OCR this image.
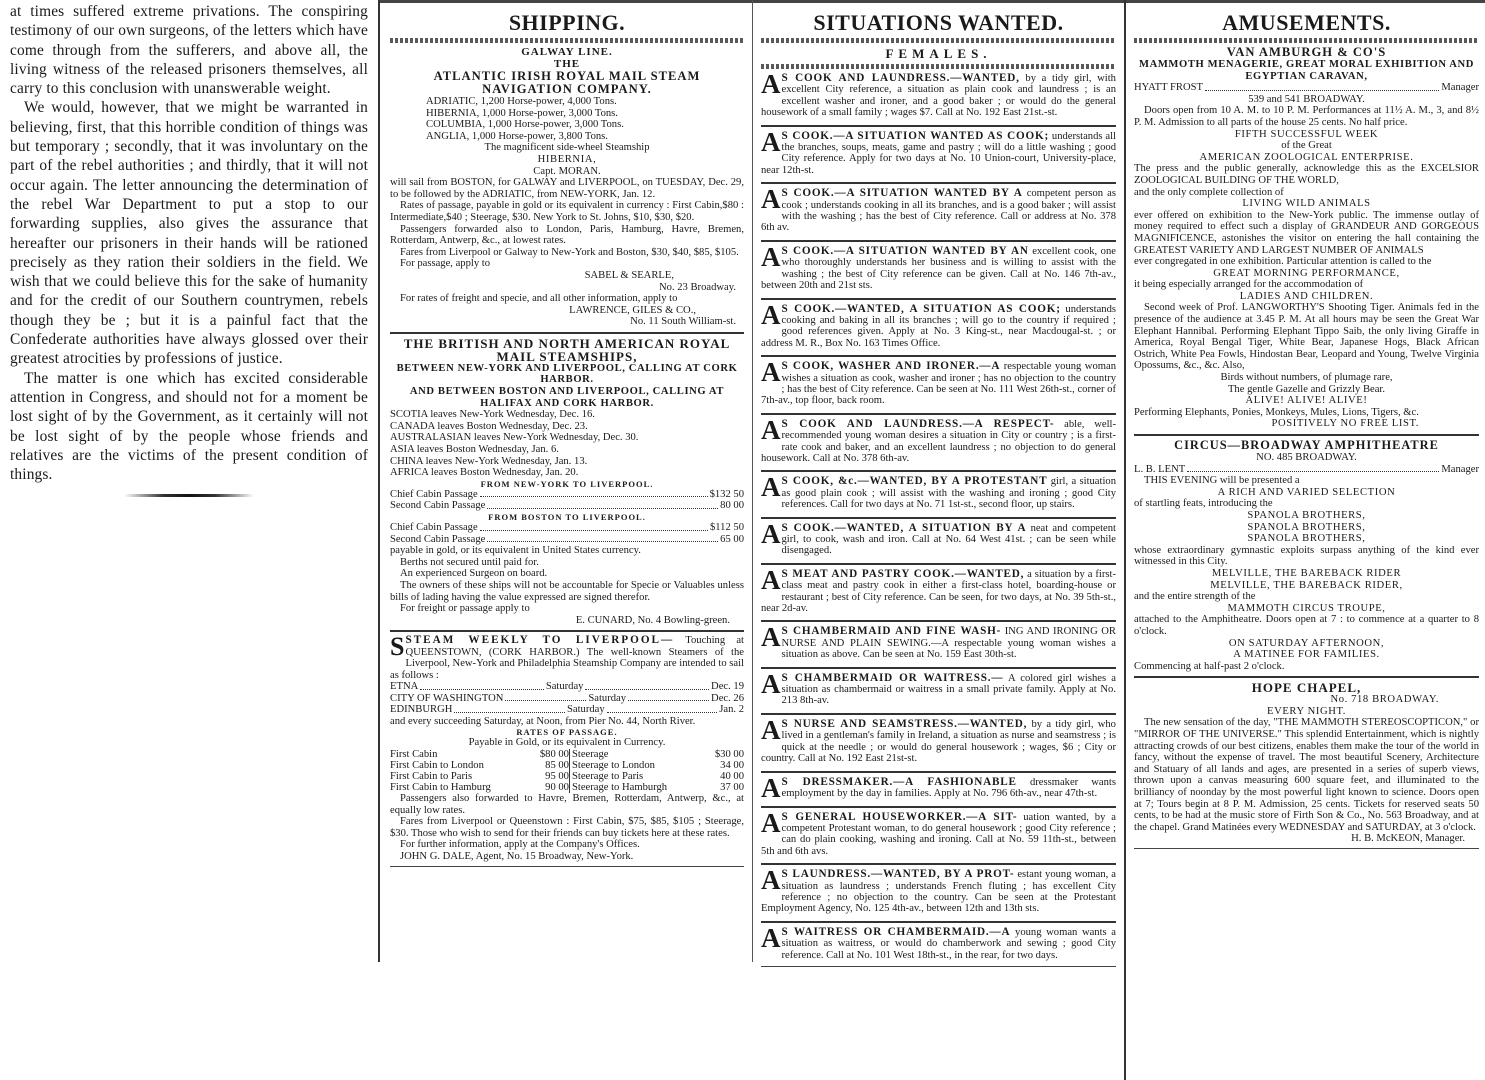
at times suffered extreme privations. The conspiring testimony of our own surgeons, of the letters which have come through from the sufferers, and above all, the living witness of the released prisoners themselves, all carry to this conclusion with unanswerable weight.

We would, however, that we might be warranted in believing, first, that this horrible condition of things was but temporary ; secondly, that it was involuntary on the part of the rebel authorities ; and thirdly, that it will not occur again. The letter announcing the determination of the rebel War Department to put a stop to our forwarding supplies, also gives the assurance that hereafter our prisoners in their hands will be rationed precisely as they ration their soldiers in the field. We wish that we could believe this for the sake of humanity and for the credit of our Southern countrymen, rebels though they be ; but it is a painful fact that the Confederate authorities have always glossed over their greatest atrocities by professions of justice.

The matter is one which has excited considerable attention in Congress, and should not for a moment be lost sight of by the Government, as it certainly will not be lost sight of by the people whose friends and relatives are the victims of the present condition of things.

SHIPPING.

GALWAY LINE.

THE

ATLANTIC IRISH ROYAL MAIL STEAM NAVIGATION COMPANY.

ADRIATIC, 1,200 Horse-power, 4,000 Tons.
HIBERNIA, 1,000 Horse-power, 3,000 Tons.
COLUMBIA, 1,000 Horse-power, 3,000 Tons.
ANGLIA, 1,000 Horse-power, 3,800 Tons.

The magnificent side-wheel Steamship

HIBERNIA,

Capt. MORAN.

will sail from BOSTON, for GALWAY and LIVERPOOL, on TUESDAY, Dec. 29, to be followed by the ADRIATIC, from NEW-YORK, Jan. 12.

Rates of passage, payable in gold or its equivalent in currency : First Cabin,$80 : Intermediate,$40 ; Steerage, $30. New York to St. Johns, $10, $30, $20.

Passengers forwarded also to London, Paris, Hamburg, Havre, Bremen, Rotterdam, Antwerp, &c., at lowest rates.

Fares from Liverpool or Galway to New-York and Boston, $30, $40, $85, $105.

For passage, apply to

SABEL & SEARLE,

No. 23 Broadway.

For rates of freight and specie, and all other information, apply to

LAWRENCE, GILES & CO.,

No. 11 South William-st.

THE BRITISH AND NORTH AMERICAN ROYAL MAIL STEAMSHIPS,

BETWEEN NEW-YORK AND LIVERPOOL, CALLING AT CORK HARBOR.

AND BETWEEN BOSTON AND LIVERPOOL, CALLING AT HALIFAX AND CORK HARBOR.

SCOTIA leaves New-York Wednesday, Dec. 16.
CANADA leaves Boston Wednesday, Dec. 23.
AUSTRALASIAN leaves New-York Wednesday, Dec. 30.
ASIA leaves Boston Wednesday, Jan. 6.
CHINA leaves New-York Wednesday, Jan. 13.
AFRICA leaves Boston Wednesday, Jan. 20.

FROM NEW-YORK TO LIVERPOOL.

Chief Cabin Passage	$132 50
Second Cabin Passage	80 00

FROM BOSTON TO LIVERPOOL.

Chief Cabin Passage	$112 50
Second Cabin Passage	65 00

payable in gold, or its equivalent in United States currency.

Berths not secured until paid for.

An experienced Surgeon on board.

The owners of these ships will not be accountable for Specie or Valuables unless bills of lading having the value expressed are signed therefor.

For freight or passage apply to

E. CUNARD, No. 4 Bowling-green.

SSTEAM WEEKLY TO LIVERPOOL— Touching at QUEENSTOWN, (CORK HARBOR.) The well-known Steamers of the Liverpool, New-York and Philadelphia Steamship Company are intended to sail as follows :
ETNA	Saturday	Dec. 19
CITY OF WASHINGTON	Saturday	Dec. 26
EDINBURGH	Saturday	Jan. 2

and every succeeding Saturday, at Noon, from Pier No. 44, North River.

RATES OF PASSAGE.

Payable in Gold, or its equivalent in Currency.

First Cabin	$80 00	Steerage	$30 00
First Cabin to London	85 00	Steerage to London	34 00
First Cabin to Paris	95 00	Steerage to Paris	40 00
First Cabin to Hamburg	90 00	Steerage to Hamburgh	37 00

Passengers also forwarded to Havre, Bremen, Rotterdam, Antwerp, &c., at equally low rates.

Fares from Liverpool or Queenstown : First Cabin, $75, $85, $105 ; Steerage, $30. Those who wish to send for their friends can buy tickets here at these rates.

For further information, apply at the Company's Offices.

JOHN G. DALE, Agent, No. 15 Broadway, New-York.

SITUATIONS WANTED.
FEMALES.
A S COOK AND LAUNDRESS.—WANTED, by a tidy girl, with excellent City reference, a situation as plain cook and laundress ; is an excellent washer and ironer, and a good baker ; or would do the general housework of a small family ; wages $7. Call at No. 192 East 21st.-st.
A S COOK.—A SITUATION WANTED AS COOK; understands all the branches, soups, meats, game and pastry ; will do a little washing ; good City reference. Apply for two days at No. 10 Union-court, University-place, near 12th-st.
A S COOK.—A SITUATION WANTED BY A competent person as cook ; understands cooking in all its branches, and is a good baker ; will assist with the washing ; has the best of City reference. Call or address at No. 378 6th av.
A S COOK.—A SITUATION WANTED BY AN excellent cook, one who thoroughly understands her business and is willing to assist with the washing ; the best of City reference can be given. Call at No. 146 7th-av., between 20th and 21st sts.
A S COOK.—WANTED, A SITUATION AS COOK; understands cooking and baking in all its branches ; will go to the country if required ; good references given. Apply at No. 3 King-st., near Macdougal-st. ; or address M. R., Box No. 163 Times Office.
A S COOK, WASHER AND IRONER.—A respectable young woman wishes a situation as cook, washer and ironer ; has no objection to the country ; has the best of City reference. Can be seen at No. 111 West 26th-st., corner of 7th-av., top floor, back room.
A S COOK AND LAUNDRESS.—A RESPECT- able, well-recommended young woman desires a situation in City or country ; is a first-rate cook and baker, and an excellent laundress ; no objection to do general housework. Call at No. 378 6th-av.
A S COOK, &c.—WANTED, BY A PROTESTANT girl, a situation as good plain cook ; will assist with the washing and ironing ; good City references. Call for two days at No. 71 1st-st., second floor, up stairs.
A S COOK.—WANTED, A SITUATION BY A neat and competent girl, to cook, wash and iron. Call at No. 64 West 41st. ; can be seen while disengaged.
A S MEAT AND PASTRY COOK.—WANTED, a situation by a first-class meat and pastry cook in either a first-class hotel, boarding-house or restaurant ; best of City reference. Can be seen, for two days, at No. 39 5th-st., near 2d-av.
A S CHAMBERMAID AND FINE WASH- ING AND IRONING OR NURSE AND PLAIN SEWING.—A respectable young woman wishes a situation as above. Can be seen at No. 159 East 30th-st.
A S CHAMBERMAID OR WAITRESS.— A colored girl wishes a situation as chambermaid or waitress in a small private family. Apply at No. 213 8th-av.
A S NURSE AND SEAMSTRESS.—WANTED, by a tidy girl, who lived in a gentleman's family in Ireland, a situation as nurse and seamstress ; is quick at the needle ; or would do general housework ; wages, $6 ; City or country. Call at No. 192 East 21st-st.
A S DRESSMAKER.—A FASHIONABLE dressmaker wants employment by the day in families. Apply at No. 796 6th-av., near 47th-st.
A S GENERAL HOUSEWORKER.—A SIT- uation wanted, by a competent Protestant woman, to do general housework ; good City reference ; can do plain cooking, washing and ironing. Call at No. 59 11th-st., between 5th and 6th avs.
A S LAUNDRESS.—WANTED, BY A PROT- estant young woman, a situation as laundress ; understands French fluting ; has excellent City reference ; no objection to the country. Can be seen at the Protestant Employment Agency, No. 125 4th-av., between 12th and 13th sts.
A S WAITRESS OR CHAMBERMAID.—A young woman wants a situation as waitress, or would do chamberwork and sewing ; good City reference. Call at No. 101 West 18th-st., in the rear, for two days.
AMUSEMENTS.

VAN AMBURGH & CO'S

MAMMOTH MENAGERIE, GREAT MORAL EXHIBITION AND EGYPTIAN CARAVAN,

HYATT FROST	Manager

539 and 541 BROADWAY.

Doors open from 10 A. M. to 10 P. M. Performances at 11½ A. M., 3, and 8½ P. M. Admission to all parts of the house 25 cents. No half price.

FIFTH SUCCESSFUL WEEK

of the Great

AMERICAN ZOOLOGICAL ENTERPRISE.

The press and the public generally, acknowledge this as the EXCELSIOR ZOOLOGICAL BUILDING OF THE WORLD,

and the only complete collection of

LIVING WILD ANIMALS

ever offered on exhibition to the New-York public. The immense outlay of money required to effect such a display of GRANDEUR AND GORGEOUS MAGNIFICENCE, astonishes the visitor on entering the hall containing the GREATEST VARIETY AND LARGEST NUMBER OF ANIMALS

ever congregated in one exhibition. Particular attention is called to the

GREAT MORNING PERFORMANCE,

it being especially arranged for the accommodation of

LADIES AND CHILDREN.

Second week of Prof. LANGWORTHY'S Shooting Tiger. Animals fed in the presence of the audience at 3.45 P. M. At all hours may be seen the Great War Elephant Hannibal. Performing Elephant Tippo Saib, the only living Giraffe in America, Royal Bengal Tiger, White Bear, Japanese Hogs, Black African Ostrich, White Pea Fowls, Hindostan Bear, Leopard and Young, Twelve Virginia Opossums, &c., &c. Also,

Birds without numbers, of plumage rare,

The gentle Gazelle and Grizzly Bear.

ALIVE! ALIVE! ALIVE!

Performing Elephants, Ponies, Monkeys, Mules, Lions, Tigers, &c.

POSITIVELY NO FREE LIST.

CIRCUS—BROADWAY AMPHITHEATRE

NO. 485 BROADWAY.

L. B. LENT	Manager

THIS EVENING will be presented a

A RICH AND VARIED SELECTION

of startling feats, introducing the

SPANOLA BROTHERS,

SPANOLA BROTHERS,

SPANOLA BROTHERS,

whose extraordinary gymnastic exploits surpass anything of the kind ever witnessed in this City.

MELVILLE, THE BAREBACK RIDER

MELVILLE, THE BAREBACK RIDER,

and the entire strength of the

MAMMOTH CIRCUS TROUPE,

attached to the Amphitheatre. Doors open at 7 : to commence at a quarter to 8 o'clock.

ON SATURDAY AFTERNOON,

A MATINEE FOR FAMILIES.

Commencing at half-past 2 o'clock.

HOPE CHAPEL,

No. 718 BROADWAY.

EVERY NIGHT.

The new sensation of the day, "THE MAMMOTH STEREOSCOPTICON," or "MIRROR OF THE UNIVERSE." This splendid Entertainment, which is nightly attracting crowds of our best citizens, enables them make the tour of the world in fancy, without the expense of travel. The most beautiful Scenery, Architecture and Statuary of all lands and ages, are presented in a series of superb views, thrown upon a canvas measuring 600 square feet, and illuminated to the brilliancy of noonday by the most powerful light known to science. Doors open at 7; Tours begin at 8 P. M. Admission, 25 cents. Tickets for reserved seats 50 cents, to be had at the music store of Firth Son & Co., No. 563 Broadway, and at the chapel. Grand Matinées every WEDNESDAY and SATURDAY, at 3 o'clock.

H. B. McKEON, Manager.
